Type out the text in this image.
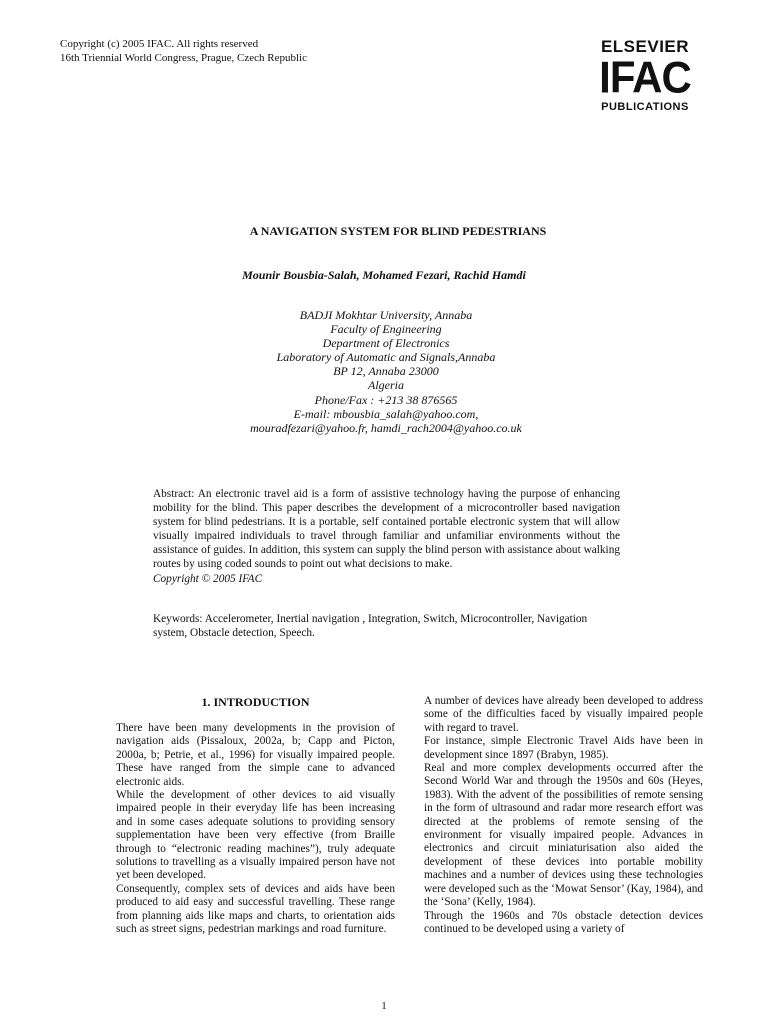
Copyright (c) 2005 IFAC. All rights reserved
16th Triennial World Congress, Prague, Czech Republic
ELSEVIER
IFAC
PUBLICATIONS
A NAVIGATION SYSTEM FOR BLIND PEDESTRIANS
Mounir Bousbia-Salah, Mohamed Fezari, Rachid Hamdi
BADJI Mokhtar University, Annaba
Faculty of Engineering
Department of Electronics
Laboratory of Automatic and Signals,Annaba
BP 12, Annaba 23000
Algeria
Phone/Fax : +213 38 876565
E-mail: mbousbia_salah@yahoo.com,
mouradfezari@yahoo.fr, hamdi_rach2004@yahoo.co.uk

Abstract: An electronic travel aid is a form of assistive technology having the purpose of enhancing mobility for the blind. This paper describes the development of a microcontroller based navigation system for blind pedestrians. It is a portable, self contained portable electronic system that will allow visually impaired individuals to travel through familiar and unfamiliar environments without the assistance of guides. In addition, this system can supply the blind person with assistance about walking routes by using coded sounds to point out what decisions to make.

Copyright © 2005 IFAC

Keywords: Accelerometer, Inertial navigation , Integration, Switch, Microcontroller, Navigation system, Obstacle detection, Speech.
1. INTRODUCTION

There have been many developments in the provision of navigation aids (Pissaloux, 2002a, b; Capp and Picton, 2000a, b; Petrie, et al., 1996) for visually impaired people. These have ranged from the simple cane to advanced electronic aids.

While the development of other devices to aid visually impaired people in their everyday life has been increasing and in some cases adequate solutions to providing sensory supplementation have been very effective (from Braille through to “electronic reading machines”), truly adequate solutions to travelling as a visually impaired person have not yet been developed.

Consequently, complex sets of devices and aids have been produced to aid easy and successful travelling. These range from planning aids like maps and charts, to orientation aids such as street signs, pedestrian markings and road furniture.

A number of devices have already been developed to address some of the difficulties faced by visually impaired people with regard to travel.

For instance, simple Electronic Travel Aids have been in development since 1897 (Brabyn, 1985).

Real and more complex developments occurred after the Second World War and through the 1950s and 60s (Heyes, 1983). With the advent of the possibilities of remote sensing in the form of ultrasound and radar more research effort was directed at the problems of remote sensing of the environment for visually impaired people. Advances in electronics and circuit miniaturisation also aided the development of these devices into portable mobility machines and a number of devices using these technologies were developed such as the ‘Mowat Sensor’ (Kay, 1984), and the ‘Sona’ (Kelly, 1984).

Through the 1960s and 70s obstacle detection devices continued to be developed using a variety of

1
